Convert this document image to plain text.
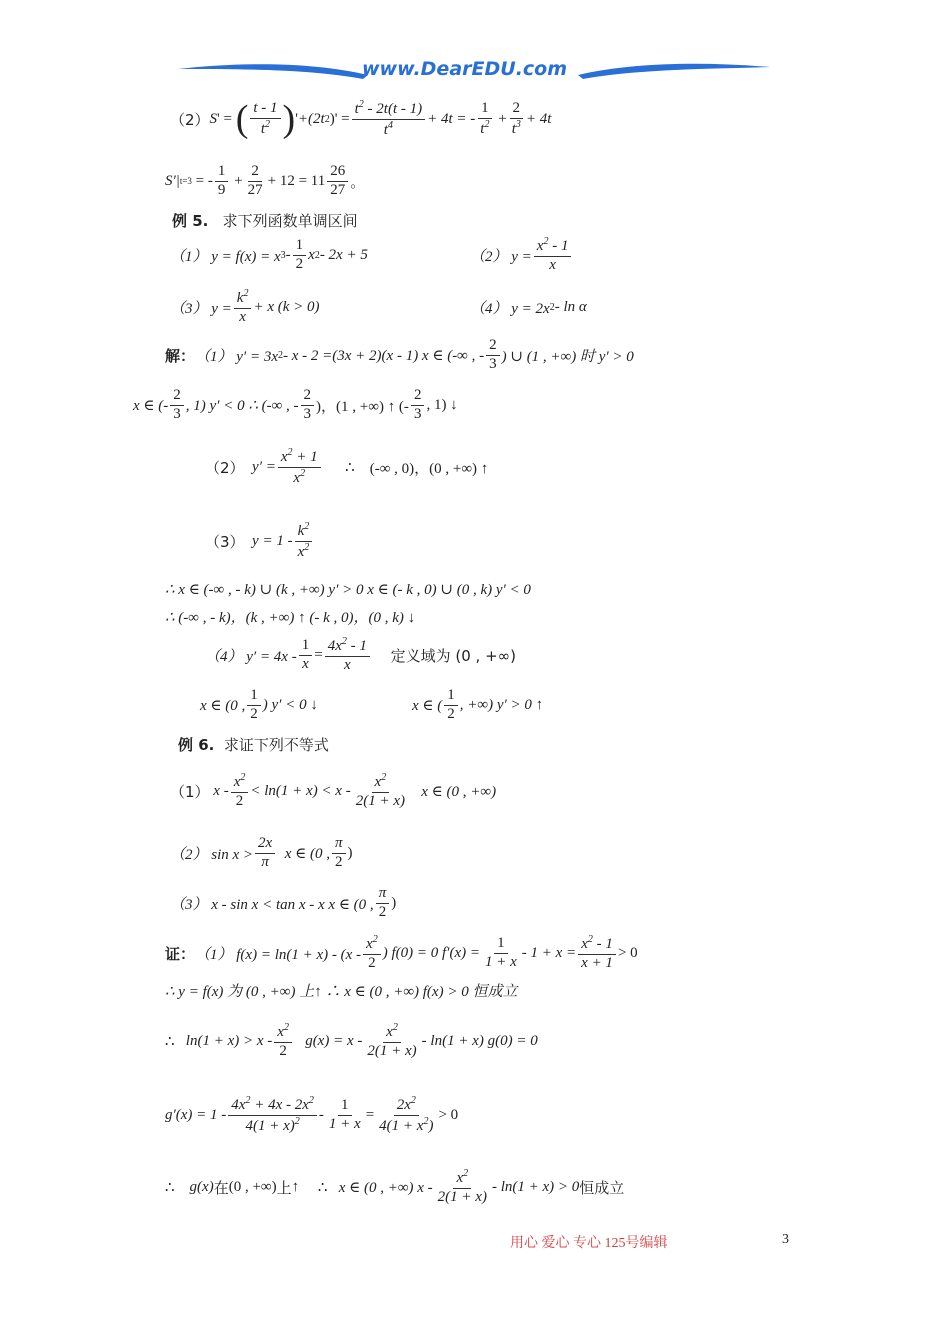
www.DearEDU.com
（2） S ' = ( $\frac{t - 1}{t^2}$ ) ' +(2t 2 )' = $\frac{t^2 - 2t(t - 1)}{t^4} + 4t$ = - $\frac{1}{t^2} + \frac{2}{t^3} + 4t$
S'| t=3
= - $\frac{1}{9} + \frac{2}{27} + 12 = 11 \frac{26}{27}$ 。
例 5. 求下列函数单调区间
（1） y = f(x) = x $3 - \frac{1}{2}$ x 2 - 2x + 5	（2） $y = \frac{x^2 - 1}{x}$
（3） $y = \frac{k^2}{x} + x$ (k > 0)	（4） y = 2x 2 - ln α
解： （1） y′ = 3x 2 - x - 2 =(3x + 2)(x - 1) x ∈ (-∞ , - $\frac{2}{3}$ ) ∪ (1 , +∞) 时 y′ > 0
x ∈ (- $\frac{2}{3}$ , 1) y′ < 0 ∴ (-∞ , - $\frac{2}{3}$ )，(1 , +∞) ↑ (- $\frac{2}{3}$ , 1) ↓
（2）
$y' = \frac{x^2 + 1}{x^2}$
∴
(-∞ , 0)，(0 , +∞) ↑
（3）
$y = 1 - \frac{k^2}{x^2}$
∴ x ∈ (-∞ , - k) ∪ (k , +∞) y′ > 0 x ∈ (- k , 0) ∪ (0 , k) y′ < 0
∴ (-∞ , - k)，(k , +∞) ↑ (- k , 0)，(0 , k) ↓
（4） $y' = 4x - \frac{1}{x} = \frac{4x^2 - 1}{x}$
定义域为 (0 , +∞)
x ∈ (0 , $\frac{1}{2}$ ) y′ < 0 ↓	x ∈ ( $\frac{1}{2}$ , +∞) y′ > 0 ↑
例 6. 求证下列不等式
（1）
$x - \frac{x^2}{2} < \ln(1 + x) < x - \frac{x^2}{2(1 + x)}$
x ∈ (0 , +∞)
（2） $\sin x > \frac{2x}{\pi}$
x ∈ (0 , $\frac{\pi}{2}$ )
（3） x - sin x < tan x - x x ∈ (0 , $\frac{\pi}{2}$ )
证： （1） $f(x) = \ln(1 + x) - (x - \frac{x^2}{2}$ ) f(0) = 0 $f'(x) = \frac{1}{1 + x} - 1 + x = \frac{x^2 - 1}{x + 1} > 0$
∴ y = f(x) 为 (0 , +∞) 上↑ ∴ x ∈ (0 , +∞) f(x) > 0 恒成立
∴
$\ln(1 + x) > x - \frac{x^2}{2}$
$g(x) = x - \frac{x^2}{2(1 + x)} - \ln(1 + x) g(0) = 0$
$g'(x) = 1 - \frac{4x^2 + 4x - 2x^2}{4(1 + x)^2} - \frac{1}{1 + x} = \frac{2x^2}{4(1 + x^2)} > 0$
∴
g(x) 在 (0 , +∞) 上 ↑
∴
x ∈ (0 , +∞) $x - \frac{x^2}{2(1 + x)} - \ln(1 + x) > 0$ 恒成立
用心 爱心 专心 125号编辑	3
